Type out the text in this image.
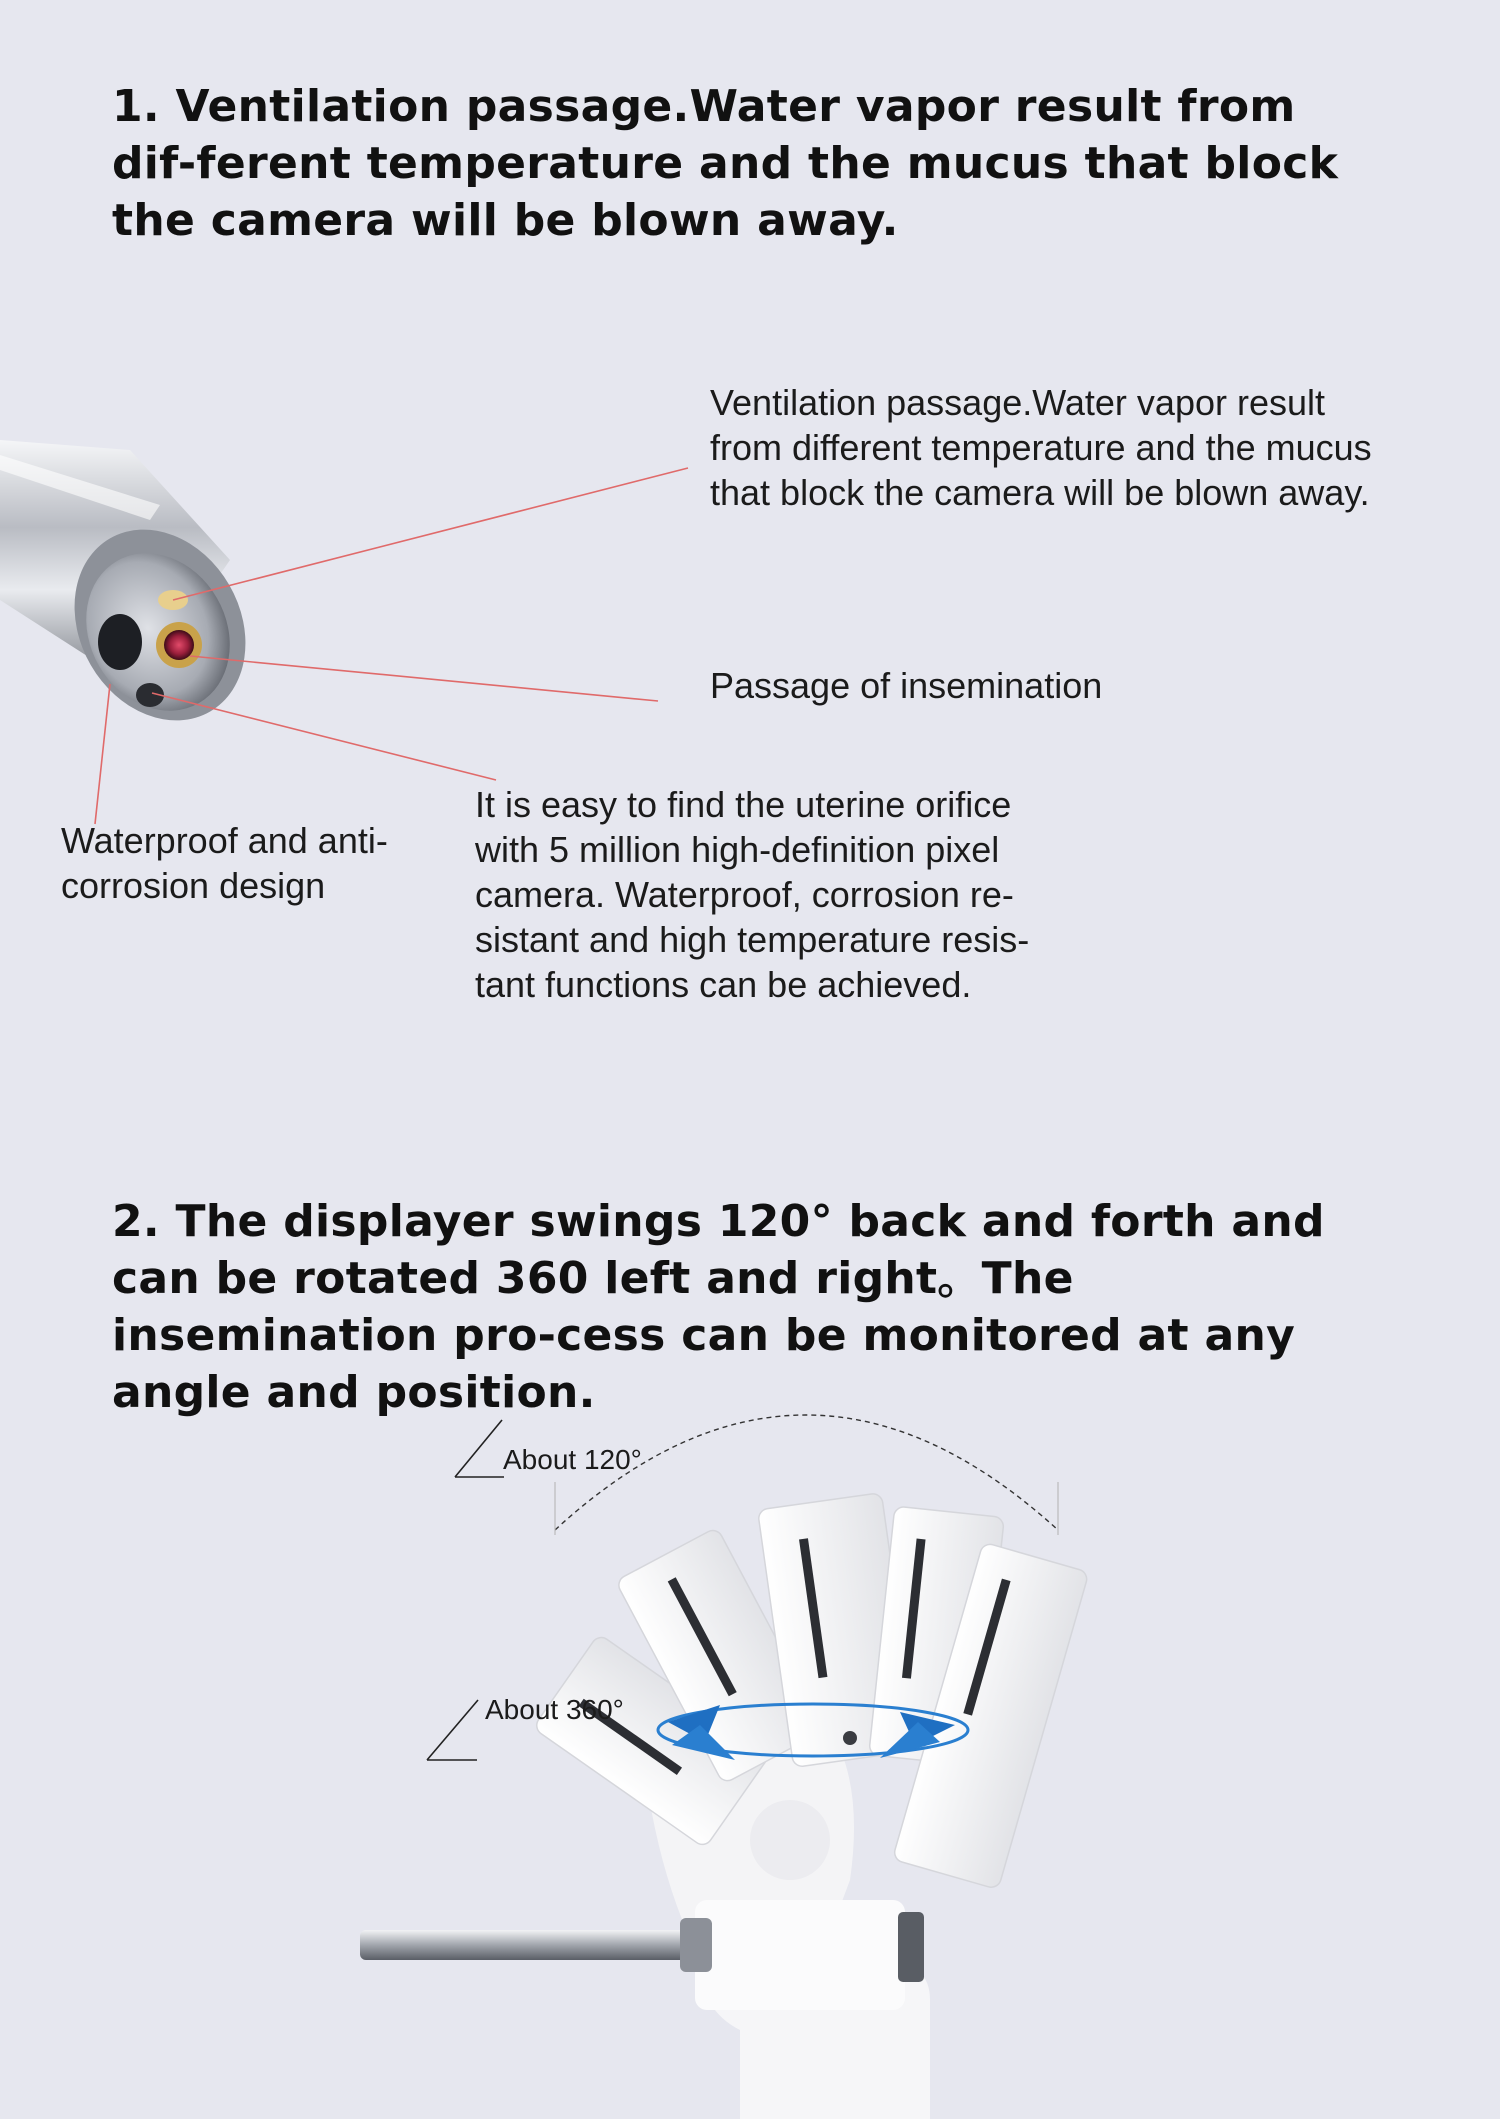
1. Ventilation passage.Water vapor result from dif-ferent temperature and the mucus that block the camera will be blown away.

Ventilation passage.Water vapor result from different temperature and the mucus that block the camera will be blown away.

Passage of insemination

It is easy to find the uterine orifice with 5 million high-definition pixel camera. Waterproof, corrosion re-sistant and high temperature resis-tant functions can be achieved.

Waterproof and anti-corrosion design

2. The displayer swings 120° back and forth and can be rotated 360 left and right。The insemination pro-cess can be monitored at any angle and position.

About 120°

About 360°
